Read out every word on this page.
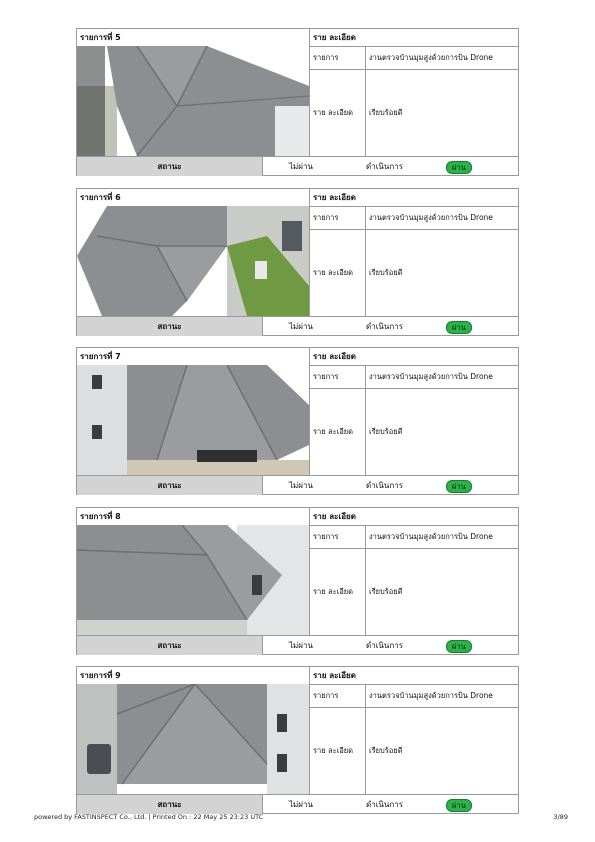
รายการที่ 5	ราย ละเอียด
รายการ	งานตรวจบ้านมุมสูงด้วยการบิน Drone
ราย ละเอียด	เรียบร้อยดี
สถานะ	ไม่ผ่าน	ดำเนินการ	ผ่าน
รายการที่ 6	ราย ละเอียด
รายการ	งานตรวจบ้านมุมสูงด้วยการบิน Drone
ราย ละเอียด	เรียบร้อยดี
สถานะ	ไม่ผ่าน	ดำเนินการ	ผ่าน
รายการที่ 7	ราย ละเอียด
รายการ	งานตรวจบ้านมุมสูงด้วยการบิน Drone
ราย ละเอียด	เรียบร้อยดี
สถานะ	ไม่ผ่าน	ดำเนินการ	ผ่าน
รายการที่ 8	ราย ละเอียด
รายการ	งานตรวจบ้านมุมสูงด้วยการบิน Drone
ราย ละเอียด	เรียบร้อยดี
สถานะ	ไม่ผ่าน	ดำเนินการ	ผ่าน
รายการที่ 9	ราย ละเอียด
รายการ	งานตรวจบ้านมุมสูงด้วยการบิน Drone
ราย ละเอียด	เรียบร้อยดี
สถานะ	ไม่ผ่าน	ดำเนินการ	ผ่าน
powered by FASTINSPECT Co., Ltd. | Printed On : 22 May 25 23:23 UTC	3/89
